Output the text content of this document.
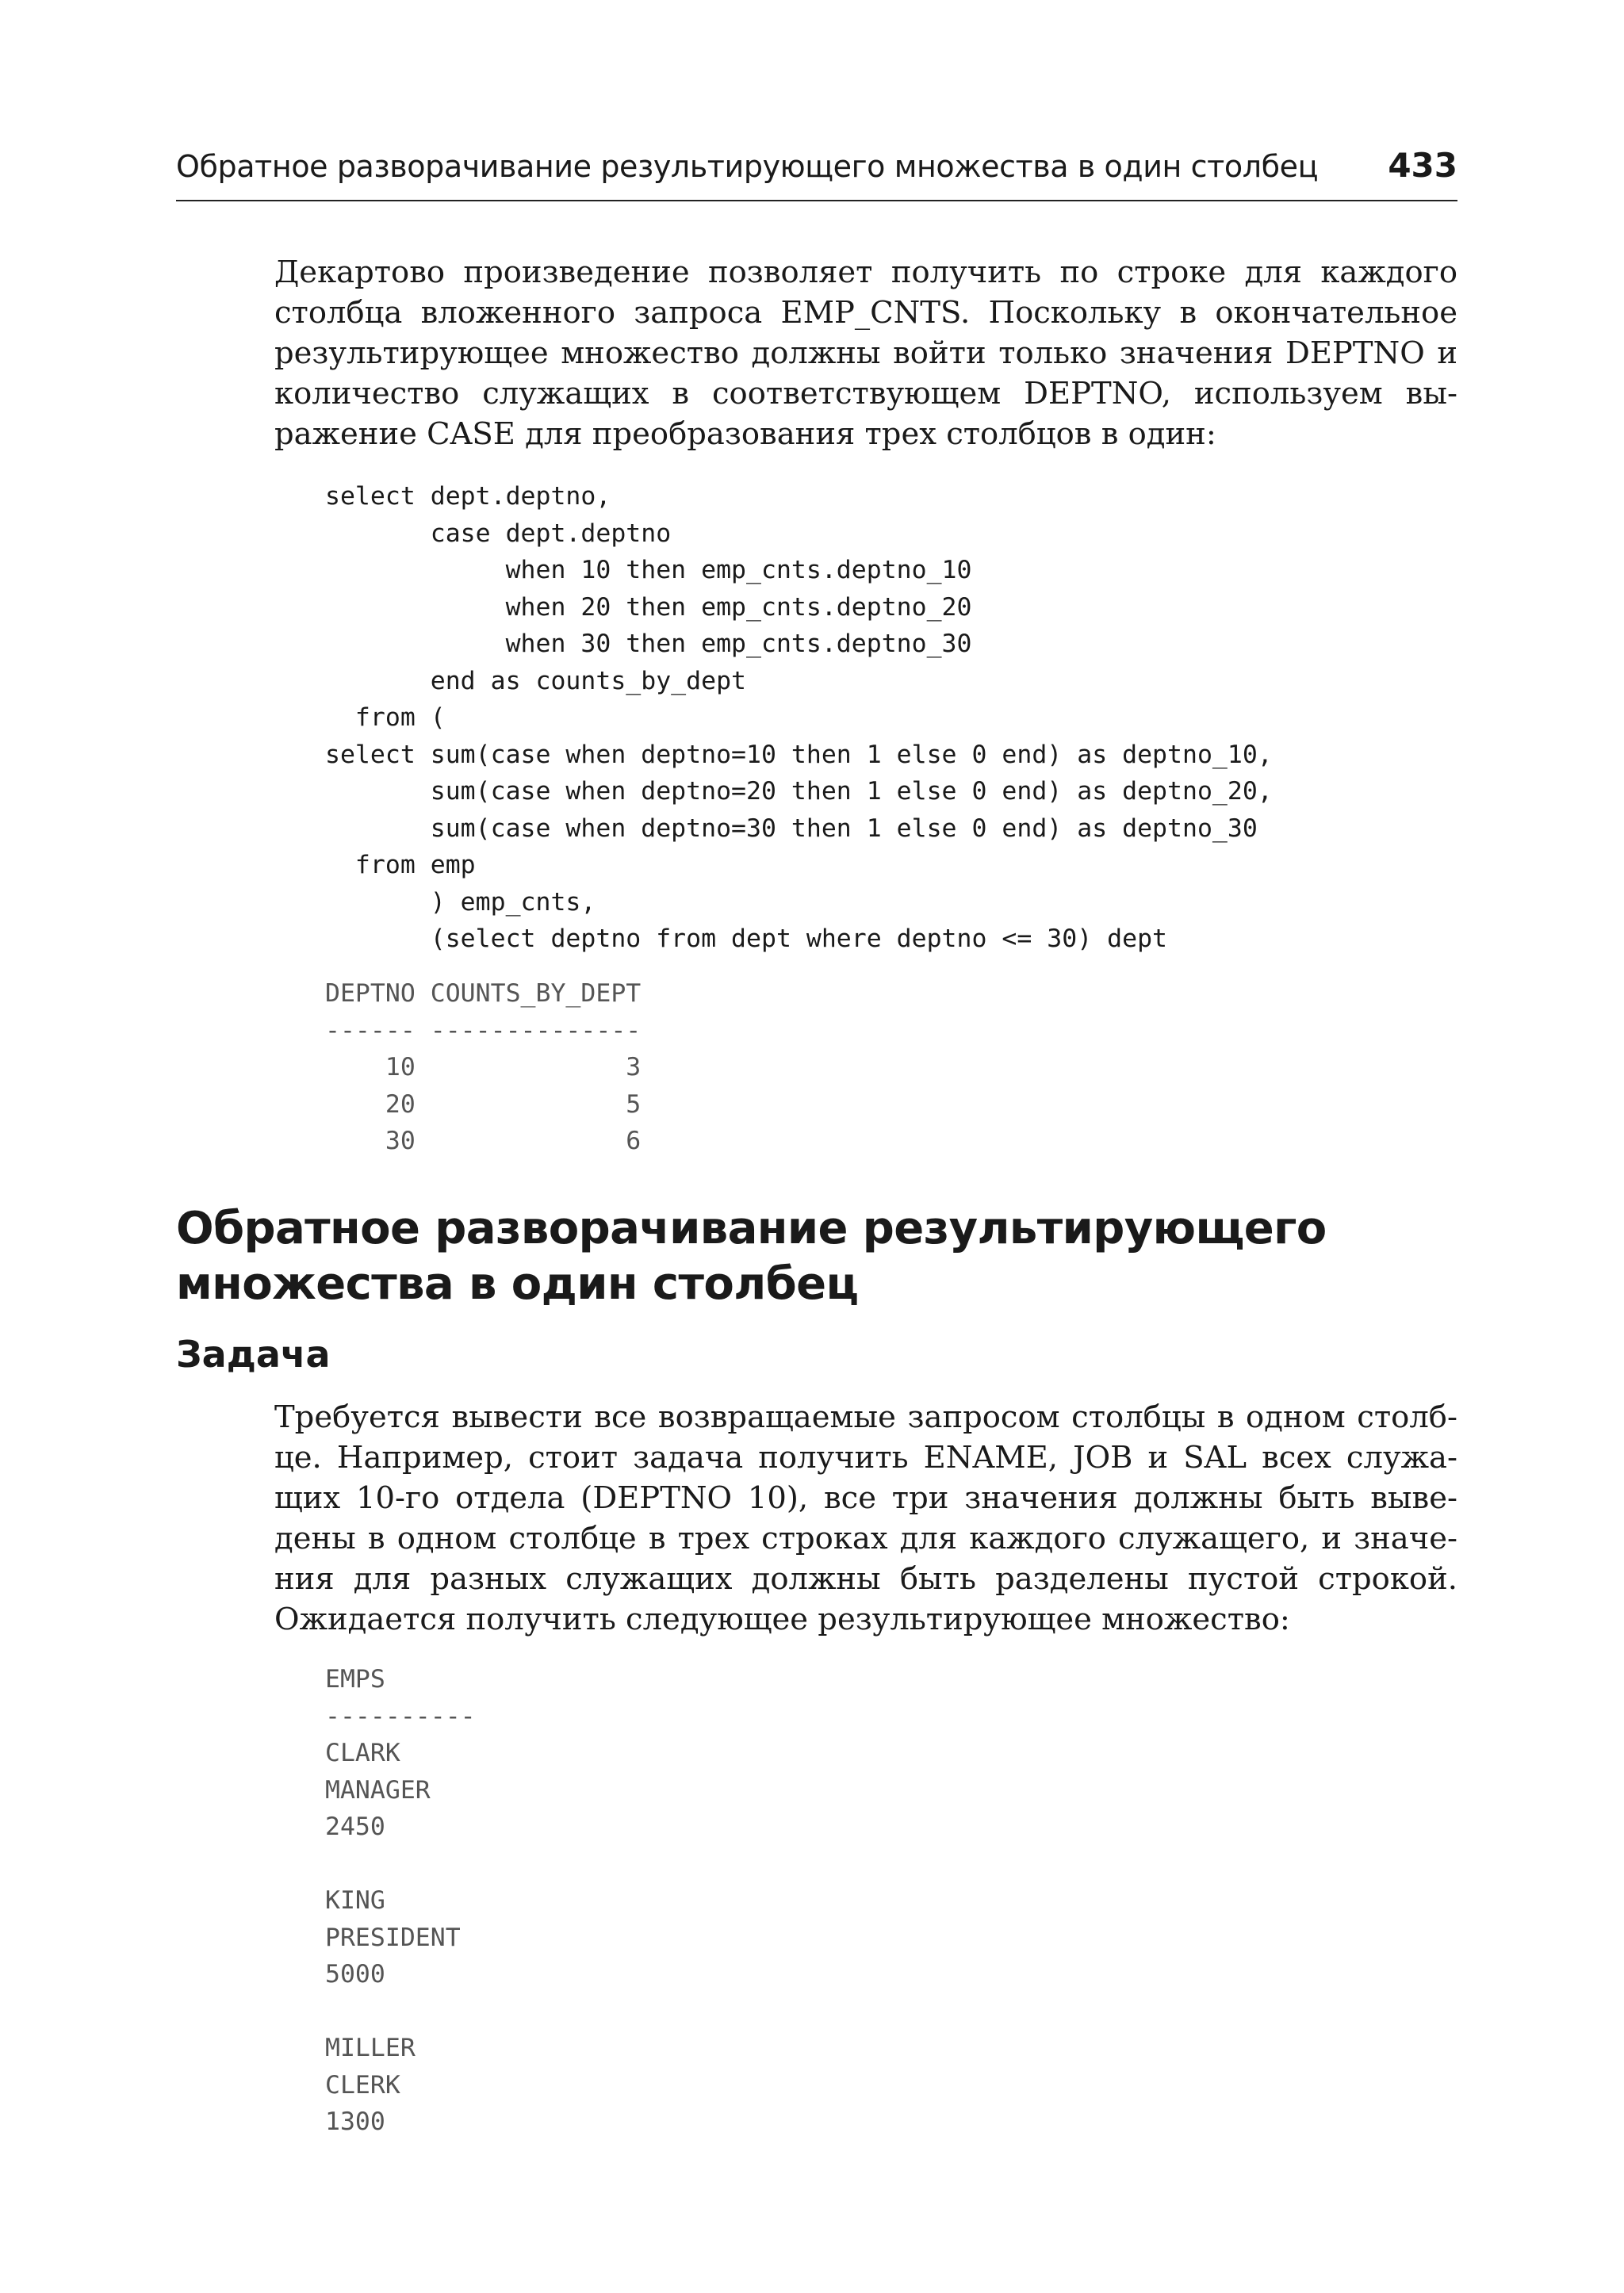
Обратное разворачивание результирующего множества в один столбец 433

Декартово произведение позволяет получить по строке для каждого столбца вложенного запроса EMP_CNTS. Поскольку в окончательное результирующее множество должны войти только значения DEPTNO и количество служащих в соответствующем DEPTNO, используем выражение CASE для преобразования трех столбцов в один:

select dept.deptno,
case dept.deptno
when 10 then emp_cnts.deptno_10
when 20 then emp_cnts.deptno_20
when 30 then emp_cnts.deptno_30
end as counts_by_dept
from (
select sum(case when deptno=10 then 1 else 0 end) as deptno_10,
sum(case when deptno=20 then 1 else 0 end) as deptno_20,
sum(case when deptno=30 then 1 else 0 end) as deptno_30
from emp
) emp_cnts,
(select deptno from dept where deptno <= 30) dept
DEPTNO COUNTS_BY_DEPT
------ --------------
10              3
20              5
30              6
Обратное разворачивание результирующего множества в один столбец
Задача

Требуется вывести все возвращаемые запросом столбцы в одном столбце. Например, стоит задача получить ENAME, JOB и SAL всех служащих 10-го отдела (DEPTNO 10), все три значения должны быть выведены в одном столбце в трех строках для каждого служащего, и значения для разных служащих должны быть разделены пустой строкой. Ожидается получить следующее результирующее множество:

EMPS
----------
CLARK
MANAGER
2450

KING
PRESIDENT
5000

MILLER
CLERK
1300
